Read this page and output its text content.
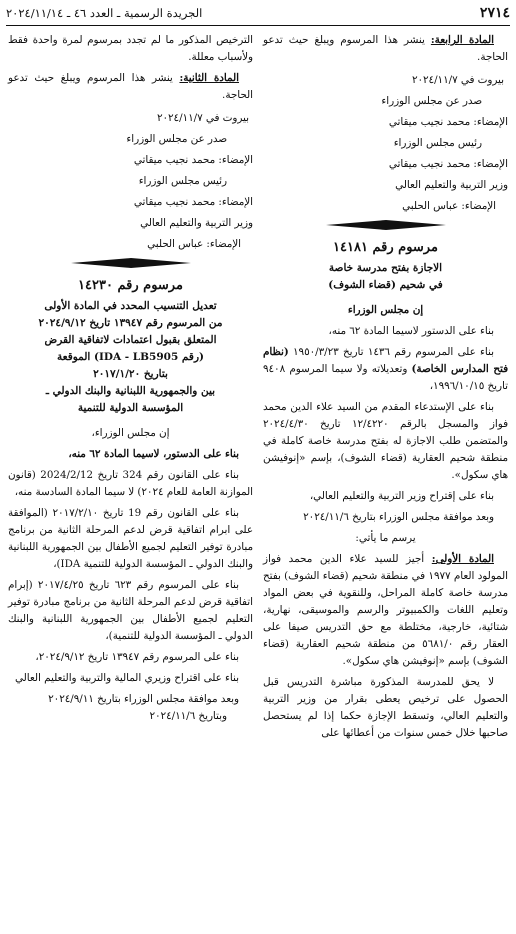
٢٧١٤
الجريدة الرسمية ـ العدد ٤٦ ـ ٢٠٢٤/١١/١٤

المادة الرابعة: ينشر هذا المرسوم ويبلغ حيث تدعو الحاجة.

بيروت في ٢٠٢٤/١١/٧

صدر عن مجلس الوزراء

الإمضاء: محمد نجيب ميقاتي

رئيس مجلس الوزراء

الإمضاء: محمد نجيب ميقاتي

وزير التربية والتعليم العالي

الإمضاء: عباس الحلبي

مرسوم رقم ١٤١٨١

الاجازة بفتح مدرسة خاصة

في شحيم (قضاء الشوف)

إن مجلس الوزراء

بناء على الدستور لاسيما المادة ٦٢ منه،

بناء على المرسوم رقم ١٤٣٦ تاريخ ١٩٥٠/٣/٢٣ (نظام فتح المدارس الخاصة) وتعديلاته ولا سيما المرسوم ٩٤٠٨ تاريخ ١٩٩٦/١٠/١٥،

بناء على الإستدعاء المقدم من السيد علاء الدين محمد فواز والمسجل بالرقم ١٢/٤٢٢٠ تاريخ ٢٠٢٤/٤/٣٠ والمتضمن طلب الاجازة له بفتح مدرسة خاصة كاملة في منطقة شحيم العقارية (قضاء الشوف)، بإسم «إنوفيشن هاي سكول».

بناء على إقتراح وزير التربية والتعليم العالي،

وبعد موافقة مجلس الوزراء بتاريخ ٢٠٢٤/١١/٦

يرسم ما يأتي:

المادة الأولى: أجيز للسيد علاء الدين محمد فواز المولود العام ١٩٧٧ في منطقة شحيم (قضاء الشوف) بفتح مدرسة خاصة كاملة المراحل، وللنقوية في بعض المواد وتعليم اللغات والكمبيوتر والرسم والموسيقى، نهارية، شتائية، خارجية، مختلطة مع حق التدريس صيفا على العقار رقم ٥٦٨١/٠ من منطقة شحيم العقارية (قضاء الشوف) بإسم «إنوفيشن هاي سكول».

لا يحق للمدرسة المذكورة مباشرة التدريس قبل الحصول على ترخيص يعطى بقرار من وزير التربية والتعليم العالي، وتسقط الإجازة حكما إذا لم يستحصل صاحبها خلال خمس سنوات من أعطائها على

الترخيص المذكور ما لم تجدد بمرسوم لمرة واحدة فقط ولأسباب معللة.

المادة الثانية: ينشر هذا المرسوم ويبلغ حيث تدعو الحاجة.

بيروت في ٢٠٢٤/١١/٧

صدر عن مجلس الوزراء

الإمضاء: محمد نجيب ميقاتي

رئيس مجلس الوزراء

الإمضاء: محمد نجيب ميقاتي

وزير التربية والتعليم العالي

الإمضاء: عباس الحلبي

مرسوم رقم ١٤٢٣٠

تعديل التنسيب المحدد في المادة الأولى

من المرسوم رقم ١٣٩٤٧ تاريخ ٢٠٢٤/٩/١٢

المتعلق بقبول اعتمادات لاتفاقية القرض

(رقم IDA - LB5905) الموقعة

بتاريخ ٢٠١٧/١/٢٠

بين والجمهورية اللبنانية والبنك الدولي ـ

المؤسسة الدولية للتنمية

إن مجلس الوزراء،

بناء على الدستور، لاسيما المادة ٦٢ منه،

بناء على القانون رقم 324 تاريخ 2024/2/12 (قانون الموازنة العامة للعام ٢٠٢٤) لا سيما المادة السادسة منه،

بناء على القانون رقم 19 تاريخ ٢٠١٧/٢/١٠ (الموافقة على ابرام اتفاقية قرض لدعم المرحلة الثانية من برنامج مبادرة توفير التعليم لجميع الأطفال بين الجمهورية اللبنانية والبنك الدولي ـ المؤسسة الدولية للتنمية IDA)،

بناء على المرسوم رقم ٦٢٣ تاريخ ٢٠١٧/٤/٢٥ (إبرام اتفاقية قرض لدعم المرحلة الثانية من برنامج مبادرة توفير التعليم لجميع الأطفال بين الجمهورية اللبنانية والبنك الدولي ـ المؤسسة الدولية للتنمية)،

بناء على المرسوم رقم ١٣٩٤٧ تاريخ ٢٠٢٤/٩/١٢،

بناء على اقتراح وزيري المالية والتربية والتعليم العالي

وبعد موافقة مجلس الوزراء بتاريخ ٢٠٢٤/٩/١١

وبتاريخ ٢٠٢٤/١١/٦
